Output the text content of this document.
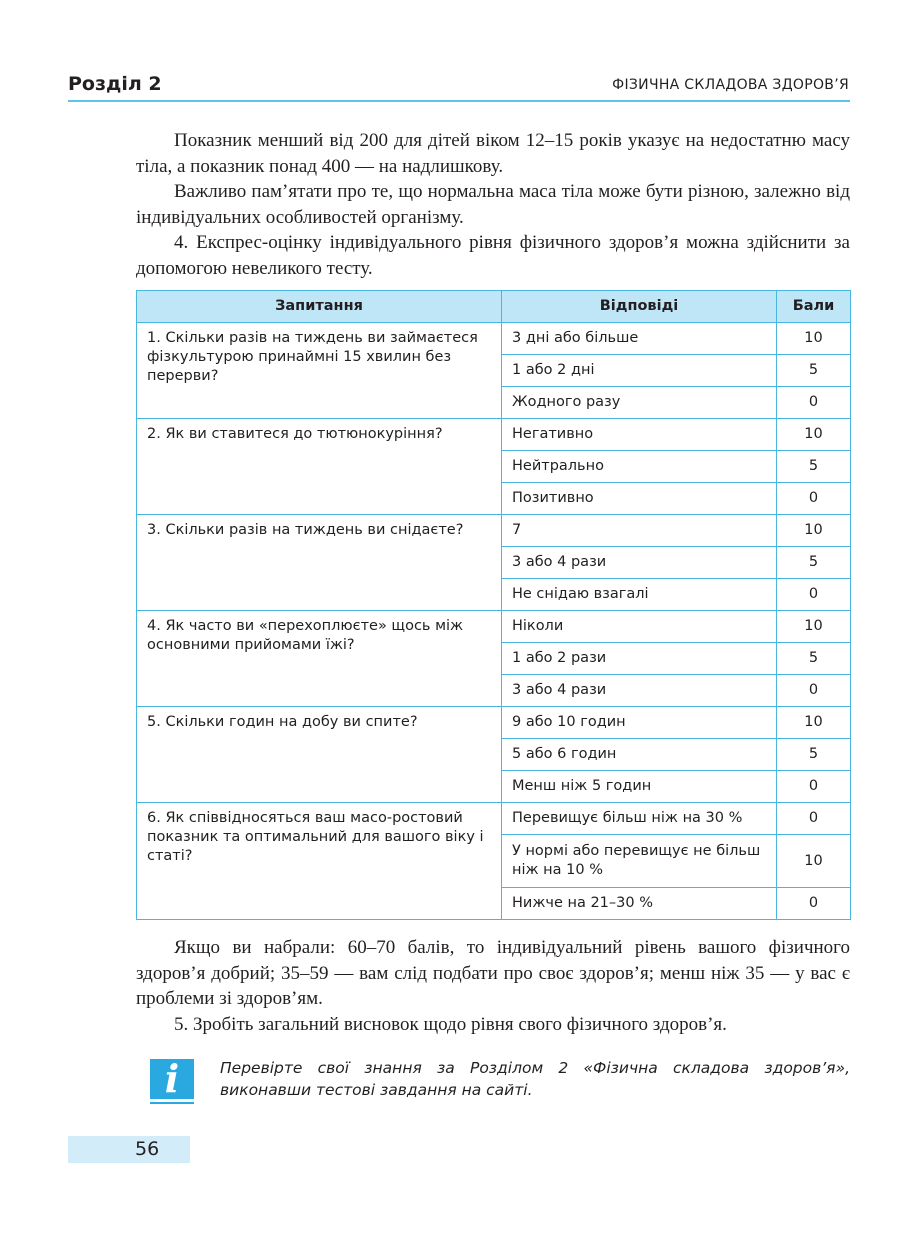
Розділ 2	ФІЗИЧНА СКЛАДОВА ЗДОРОВ’Я

Показник менший від 200 для дітей віком 12–15 років указує на недостатню масу тіла, а показник понад 400 — на надлишкову.

Важливо пам’ятати про те, що нормальна маса тіла може бути різною, залежно від індивідуальних особливостей організму.

4. Експрес-оцінку індивідуального рівня фізичного здоров’я можна здійснити за допомогою невеликого тесту.

Запитання	Відповіді	Бали
1. Скільки разів на тиждень ви займаєтеся фізкультурою принаймні 15 хвилин без перерви?	3 дні або більше	10
	1 або 2 дні	5
	Жодного разу	0
2. Як ви ставитеся до тютюнокуріння?	Негативно	10
	Нейтрально	5
	Позитивно	0
3. Скільки разів на тиждень ви снідаєте?	7	10
	3 або 4 рази	5
	Не снідаю взагалі	0
4. Як часто ви «перехоплюєте» щось між основними прийомами їжі?	Ніколи	10
	1 або 2 рази	5
	3 або 4 рази	0
5. Скільки годин на добу ви спите?	9 або 10 годин	10
	5 або 6 годин	5
	Менш ніж 5 годин	0
6. Як співвідносяться ваш масо-ростовий показник та оптимальний для вашого віку і статі?	Перевищує більш ніж на 30 %	0
	У нормі або перевищує не більш ніж на 10 %	10
	Нижче на 21–30 %	0

Якщо ви набрали: 60–70 балів, то індивідуальний рівень вашого фізичного здоров’я добрий; 35–59 — вам слід подбати про своє здоров’я; менш ніж 35 — у вас є проблеми зі здоров’ям.

5. Зробіть загальний висновок щодо рівня свого фізичного здоров’я.

i	Перевірте свої знання за Розділом 2 «Фізична складова здоров’я», виконавши тестові завдання на сайті.
56
